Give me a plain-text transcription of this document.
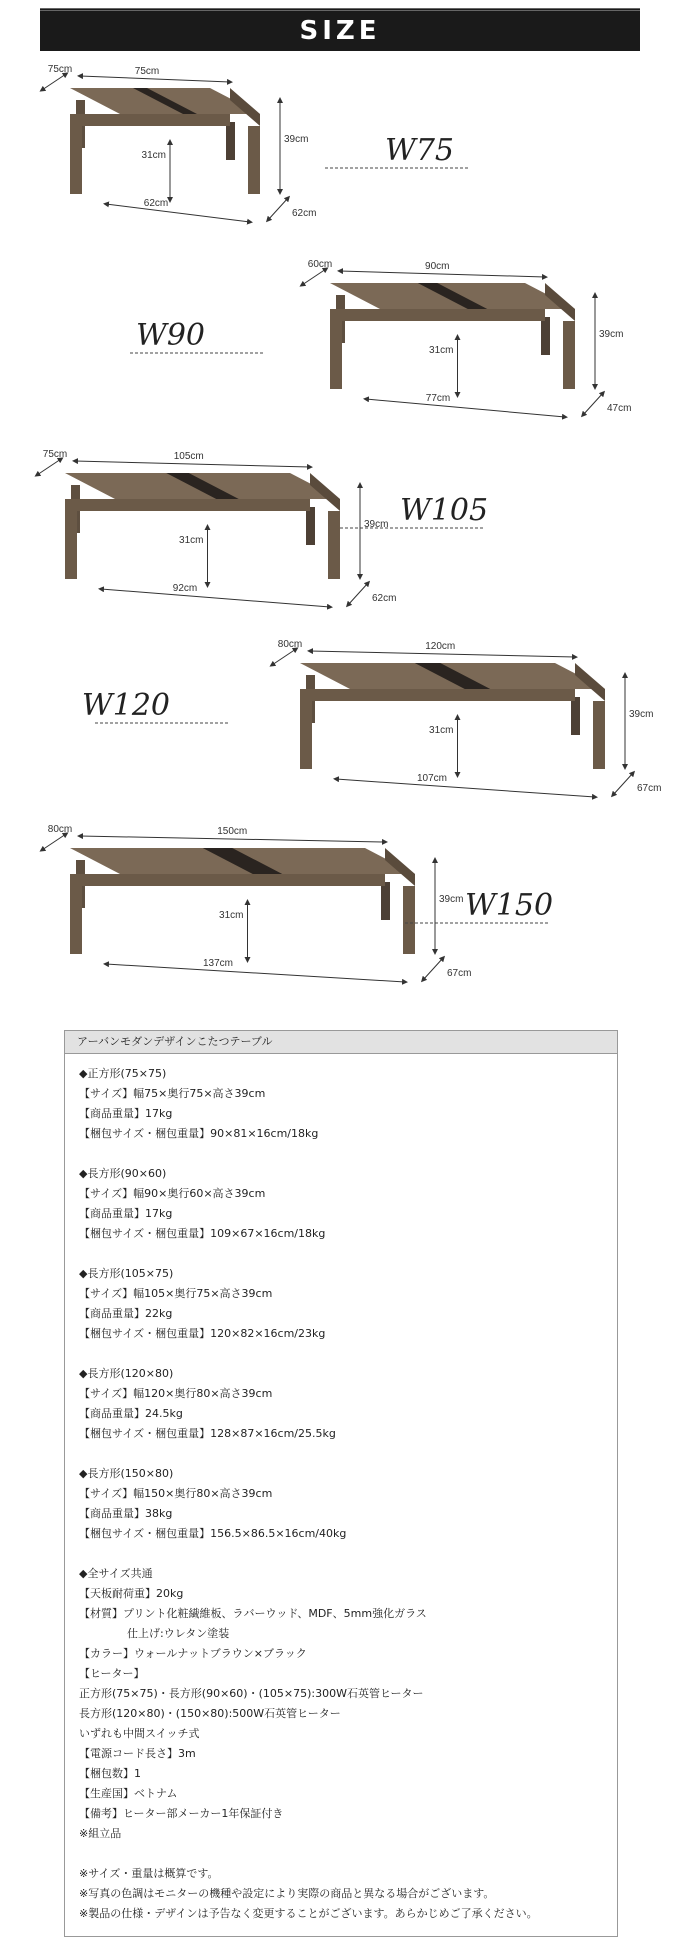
SIZE
31cm
39cm
75cm
75cm
62cm
62cm
W75
31cm
39cm
90cm
60cm
77cm
47cm
W90
31cm
39cm
105cm
75cm
92cm
62cm
W105
31cm
39cm
120cm
80cm
107cm
67cm
W120
31cm
39cm
150cm
80cm
137cm
67cm
W150
アーバンモダンデザインこたつテーブル
◆正方形(75×75)
【サイズ】幅75×奥行75×高さ39cm
【商品重量】17kg
【梱包サイズ・梱包重量】90×81×16cm/18kg
◆長方形(90×60)
【サイズ】幅90×奥行60×高さ39cm
【商品重量】17kg
【梱包サイズ・梱包重量】109×67×16cm/18kg
◆長方形(105×75)
【サイズ】幅105×奥行75×高さ39cm
【商品重量】22kg
【梱包サイズ・梱包重量】120×82×16cm/23kg
◆長方形(120×80)
【サイズ】幅120×奥行80×高さ39cm
【商品重量】24.5kg
【梱包サイズ・梱包重量】128×87×16cm/25.5kg
◆長方形(150×80)
【サイズ】幅150×奥行80×高さ39cm
【商品重量】38kg
【梱包サイズ・梱包重量】156.5×86.5×16cm/40kg
◆全サイズ共通
【天板耐荷重】20kg
【材質】プリント化粧繊維板、ラバーウッド、MDF、5mm強化ガラス
仕上げ:ウレタン塗装
【カラー】ウォールナットブラウン×ブラック
【ヒーター】
正方形(75×75)・長方形(90×60)・(105×75):300W石英管ヒーター
長方形(120×80)・(150×80):500W石英管ヒーター
いずれも中間スイッチ式
【電源コード長さ】3m
【梱包数】1
【生産国】ベトナム
【備考】ヒーター部メーカー1年保証付き
※組立品
※サイズ・重量は概算です。
※写真の色調はモニターの機種や設定により実際の商品と異なる場合がございます。
※製品の仕様・デザインは予告なく変更することがございます。あらかじめご了承ください。
